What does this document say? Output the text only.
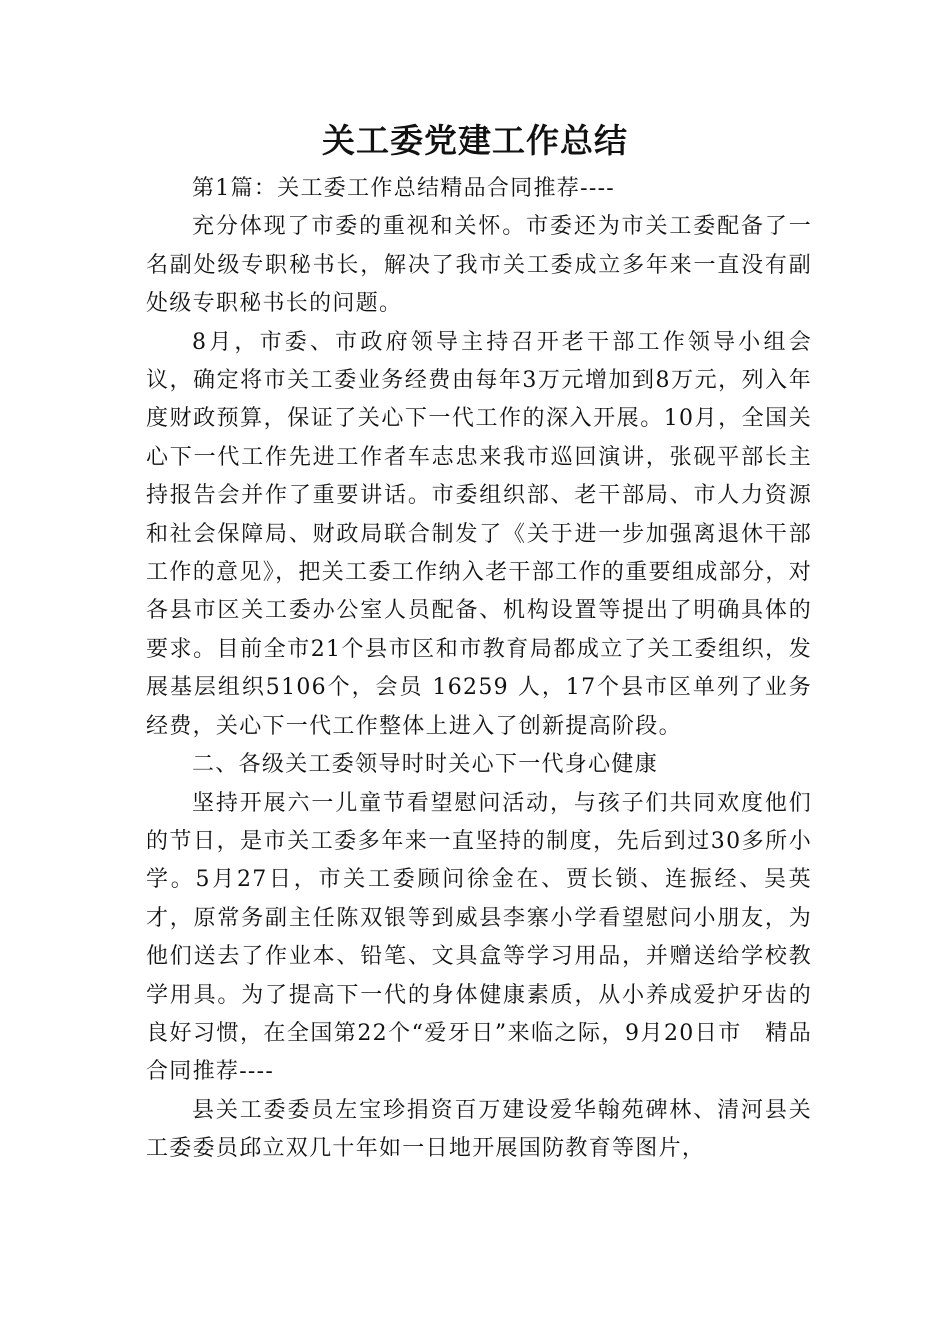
关工委党建工作总结

第1篇：关工委工作总结精品合同推荐----

充分体现了市委的重视和关怀。市委还为市关工委配备了一名副处级专职秘书长，解决了我市关工委成立多年来一直没有副处级专职秘书长的问题。

8月，市委、市政府领导主持召开老干部工作领导小组会议，确定将市关工委业务经费由每年3万元增加到8万元，列入年度财政预算，保证了关心下一代工作的深入开展。10月，全国关心下一代工作先进工作者车志忠来我市巡回演讲，张砚平部长主持报告会并作了重要讲话。市委组织部、老干部局、市人力资源和社会保障局、财政局联合制发了《关于进一步加强离退休干部工作的意见》，把关工委工作纳入老干部工作的重要组成部分，对各县市区关工委办公室人员配备、机构设置等提出了明确具体的要求。目前全市21个县市区和市教育局都成立了关工委组织，发展基层组织5106个，会员 16259 人，17个县市区单列了业务经费，关心下一代工作整体上进入了创新提高阶段。

二、各级关工委领导时时关心下一代身心健康

坚持开展六一儿童节看望慰问活动，与孩子们共同欢度他们的节日，是市关工委多年来一直坚持的制度，先后到过30多所小学。5月27日，市关工委顾问徐金在、贾长锁、连振经、吴英才，原常务副主任陈双银等到威县李寨小学看望慰问小朋友，为他们送去了作业本、铅笔、文具盒等学习用品，并赠送给学校教学用具。为了提高下一代的身体健康素质，从小养成爱护牙齿的良好习惯，在全国第22个“爱牙日”来临之际，9月20日市　精品合同推荐----

县关工委委员左宝珍捐资百万建设爱华翰苑碑林、清河县关工委委员邱立双几十年如一日地开展国防教育等图片，
